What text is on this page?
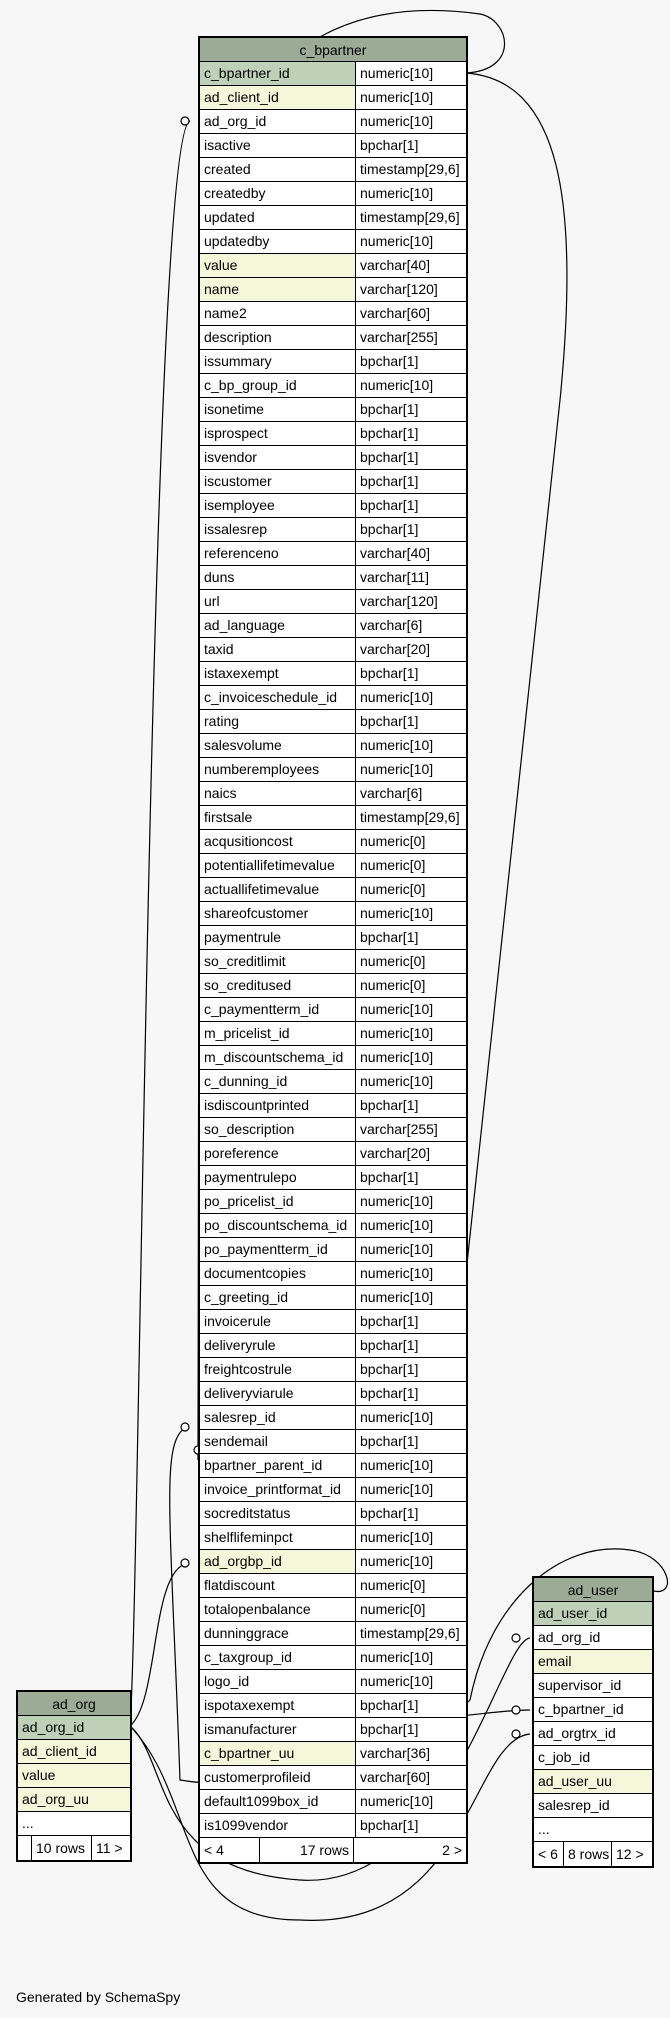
c_bpartner
c_bpartner_id	numeric[10]
ad_client_id	numeric[10]
ad_org_id	numeric[10]
isactive	bpchar[1]
created	timestamp[29,6]
createdby	numeric[10]
updated	timestamp[29,6]
updatedby	numeric[10]
value	varchar[40]
name	varchar[120]
name2	varchar[60]
description	varchar[255]
issummary	bpchar[1]
c_bp_group_id	numeric[10]
isonetime	bpchar[1]
isprospect	bpchar[1]
isvendor	bpchar[1]
iscustomer	bpchar[1]
isemployee	bpchar[1]
issalesrep	bpchar[1]
referenceno	varchar[40]
duns	varchar[11]
url	varchar[120]
ad_language	varchar[6]
taxid	varchar[20]
istaxexempt	bpchar[1]
c_invoiceschedule_id	numeric[10]
rating	bpchar[1]
salesvolume	numeric[10]
numberemployees	numeric[10]
naics	varchar[6]
firstsale	timestamp[29,6]
acqusitioncost	numeric[0]
potentiallifetimevalue	numeric[0]
actuallifetimevalue	numeric[0]
shareofcustomer	numeric[10]
paymentrule	bpchar[1]
so_creditlimit	numeric[0]
so_creditused	numeric[0]
c_paymentterm_id	numeric[10]
m_pricelist_id	numeric[10]
m_discountschema_id	numeric[10]
c_dunning_id	numeric[10]
isdiscountprinted	bpchar[1]
so_description	varchar[255]
poreference	varchar[20]
paymentrulepo	bpchar[1]
po_pricelist_id	numeric[10]
po_discountschema_id numeric[10]
po_paymentterm_id	numeric[10]
documentcopies	numeric[10]
c_greeting_id	numeric[10]
invoicerule	bpchar[1]
deliveryrule	bpchar[1]
freightcostrule	bpchar[1]
deliveryviarule	bpchar[1]
salesrep_id	numeric[10]
sendemail	bpchar[1]
bpartner_parent_id	numeric[10]
invoice_printformat_id	numeric[10]
socreditstatus	bpchar[1]
shelflifeminpct	numeric[10]
ad_orgbp_id	numeric[10]
flatdiscount	numeric[0]
totalopenbalance	numeric[0]
dunninggrace	timestamp[29,6]
c_taxgroup_id	numeric[10]
logo_id	numeric[10]
ispotaxexempt	bpchar[1]
ismanufacturer	bpchar[1]
c_bpartner_uu	varchar[36]
customerprofileid	varchar[60]
default1099box_id	numeric[10]
is1099vendor	bpchar[1]
< 4	17 rows	2 >
ad_org
ad_org_id
ad_client_id
value
ad_org_uu
...
10 rows 11 >
ad_user
ad_user_id
ad_org_id
email
supervisor_id
c_bpartner_id
ad_orgtrx_id
c_job_id
ad_user_uu
salesrep_id
...
< 6 8 rows 12 >
Generated by SchemaSpy
